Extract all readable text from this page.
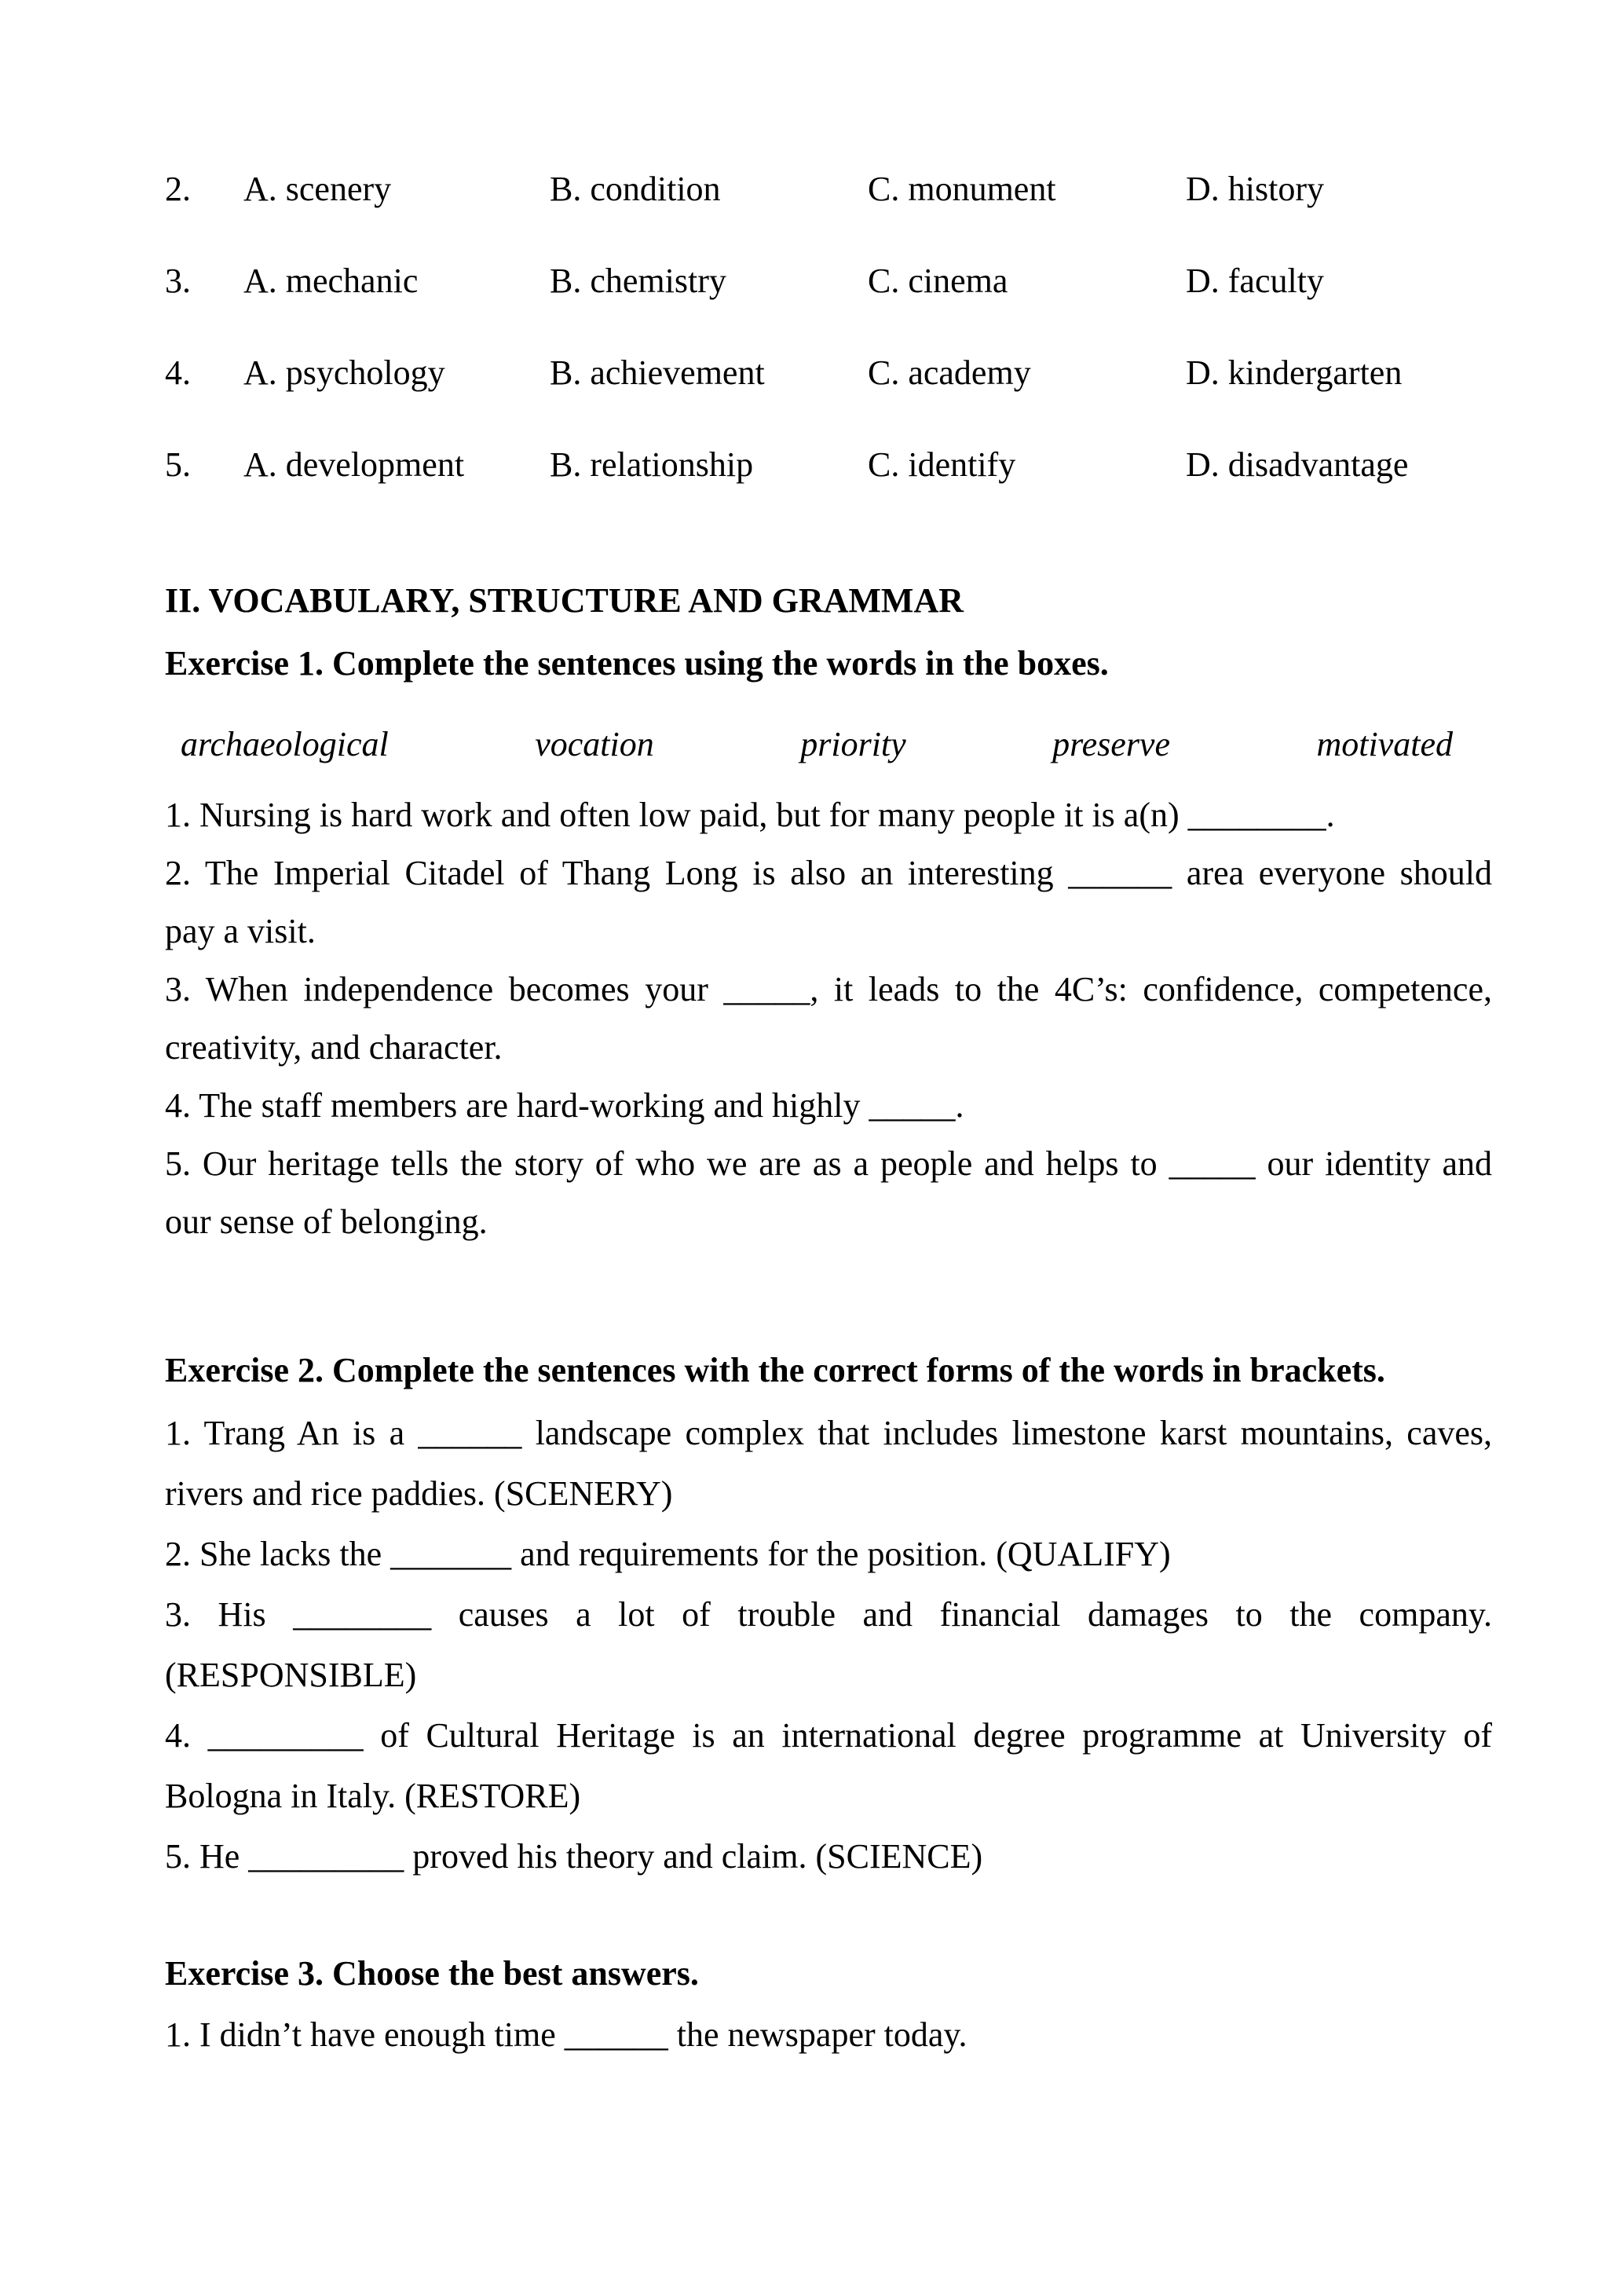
2.	A. scenery	B. condition	C. monument	D. history
3.	A. mechanic	B. chemistry	C. cinema	D. faculty
4.	A. psychology	B. achievement	C. academy	D. kindergarten
5.	A. development	B. relationship	C. identify	D. disadvantage
II. VOCABULARY, STRUCTURE AND GRAMMAR
Exercise 1. Complete the sentences using the words in the boxes.
archaeological	vocation	priority	preserve	motivated

1. Nursing is hard work and often low paid, but for many people it is a(n) ________.

2. The Imperial Citadel of Thang Long is also an interesting ______ area everyone should

pay a visit.

3. When independence becomes your _____, it leads to the 4C’s: confidence, competence,

creativity, and character.

4. The staff members are hard-working and highly _____.

5. Our heritage tells the story of who we are as a people and helps to _____ our identity and

our sense of belonging.

Exercise 2. Complete the sentences with the correct forms of the words in brackets.

1. Trang An is a ______ landscape complex that includes limestone karst mountains, caves,

rivers and rice paddies. (SCENERY)

2. She lacks the _______ and requirements for the position. (QUALIFY)

3. His ________ causes a lot of trouble and financial damages to the company.

(RESPONSIBLE)

4. _________ of Cultural Heritage is an international degree programme at University of

Bologna in Italy. (RESTORE)

5. He _________ proved his theory and claim. (SCIENCE)

Exercise 3. Choose the best answers.

1. I didn’t have enough time ______ the newspaper today.
